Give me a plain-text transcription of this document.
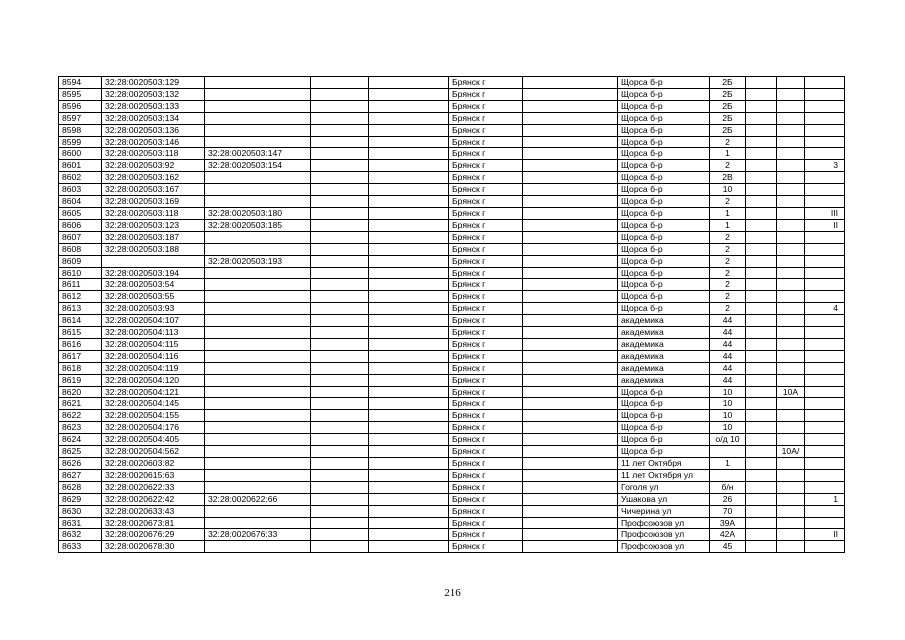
8594	32:28:0020503:129				Брянск г		Щорса б-р	2Б			
8595	32:28:0020503:132				Брянск г		Щорса б-р	2Б			
8596	32:28:0020503:133				Брянск г		Щорса б-р	2Б			
8597	32:28:0020503:134				Брянск г		Щорса б-р	2Б			
8598	32:28:0020503:136				Брянск г		Щорса б-р	2Б			
8599	32:28:0020503:146				Брянск г		Щорса б-р	2			
8600	32:28:0020503:118	32:28:0020503:147			Брянск г		Щорса б-р	1			
8601	32:28:0020503:92	32:28:0020503:154			Брянск г		Щорса б-р	2			3
8602	32:28:0020503:162				Брянск г		Щорса б-р	2В			
8603	32:28:0020503:167				Брянск г		Щорса б-р	10			
8604	32:28:0020503:169				Брянск г		Щорса б-р	2			
8605	32:28:0020503:118	32:28:0020503:180			Брянск г		Щорса б-р	1			III
8606	32:28:0020503:123	32:28:0020503:185			Брянск г		Щорса б-р	1			II
8607	32:28:0020503:187				Брянск г		Щорса б-р	2			
8608	32:28:0020503:188				Брянск г		Щорса б-р	2			
8609		32:28:0020503:193			Брянск г		Щорса б-р	2			
8610	32:28:0020503:194				Брянск г		Щорса б-р	2			
8611	32:28:0020503:54				Брянск г		Щорса б-р	2			
8612	32:28:0020503:55				Брянск г		Щорса б-р	2			
8613	32:28:0020503:93				Брянск г		Щорса б-р	2			4
8614	32:28:0020504:107				Брянск г		академика	44			
8615	32:28:0020504:113				Брянск г		академика	44			
8616	32:28:0020504:115				Брянск г		академика	44			
8617	32:28:0020504:116				Брянск г		академика	44			
8618	32:28:0020504:119				Брянск г		академика	44			
8619	32:28:0020504:120				Брянск г		академика	44			
8620	32:28:0020504:121				Брянск г		Щорса б-р	10		10А	
8621	32:28:0020504:145				Брянск г		Щорса б-р	10			
8622	32:28:0020504:155				Брянск г		Щорса б-р	10			
8623	32:28:0020504:176				Брянск г		Щорса б-р	10			
8624	32:28:0020504:405				Брянск г		Щорса б-р	о/д 10			
8625	32:28:0020504:562				Брянск г		Щорса б-р			10А/	
8626	32:28:0020603:82				Брянск г		11 лет Октября	1			
8627	32:28:0020615:63				Брянск г		11 лет Октября ул				
8628	32:28:0020622:33				Брянск г		Гоголя ул	б/н			
8629	32:28:0020622:42	32:28:0020622:66			Брянск г		Ушакова ул	26			1
8630	32:28:0020633:43				Брянск г		Чичерина ул	70			
8631	32:28:0020673:81				Брянск г		Профсоюзов ул	39А			
8632	32:28:0020676:29	32:28:0020676:33			Брянск г		Профсоюзов ул	42А			II
8633	32:28:0020678:30				Брянск г		Профсоюзов ул	45			
216
